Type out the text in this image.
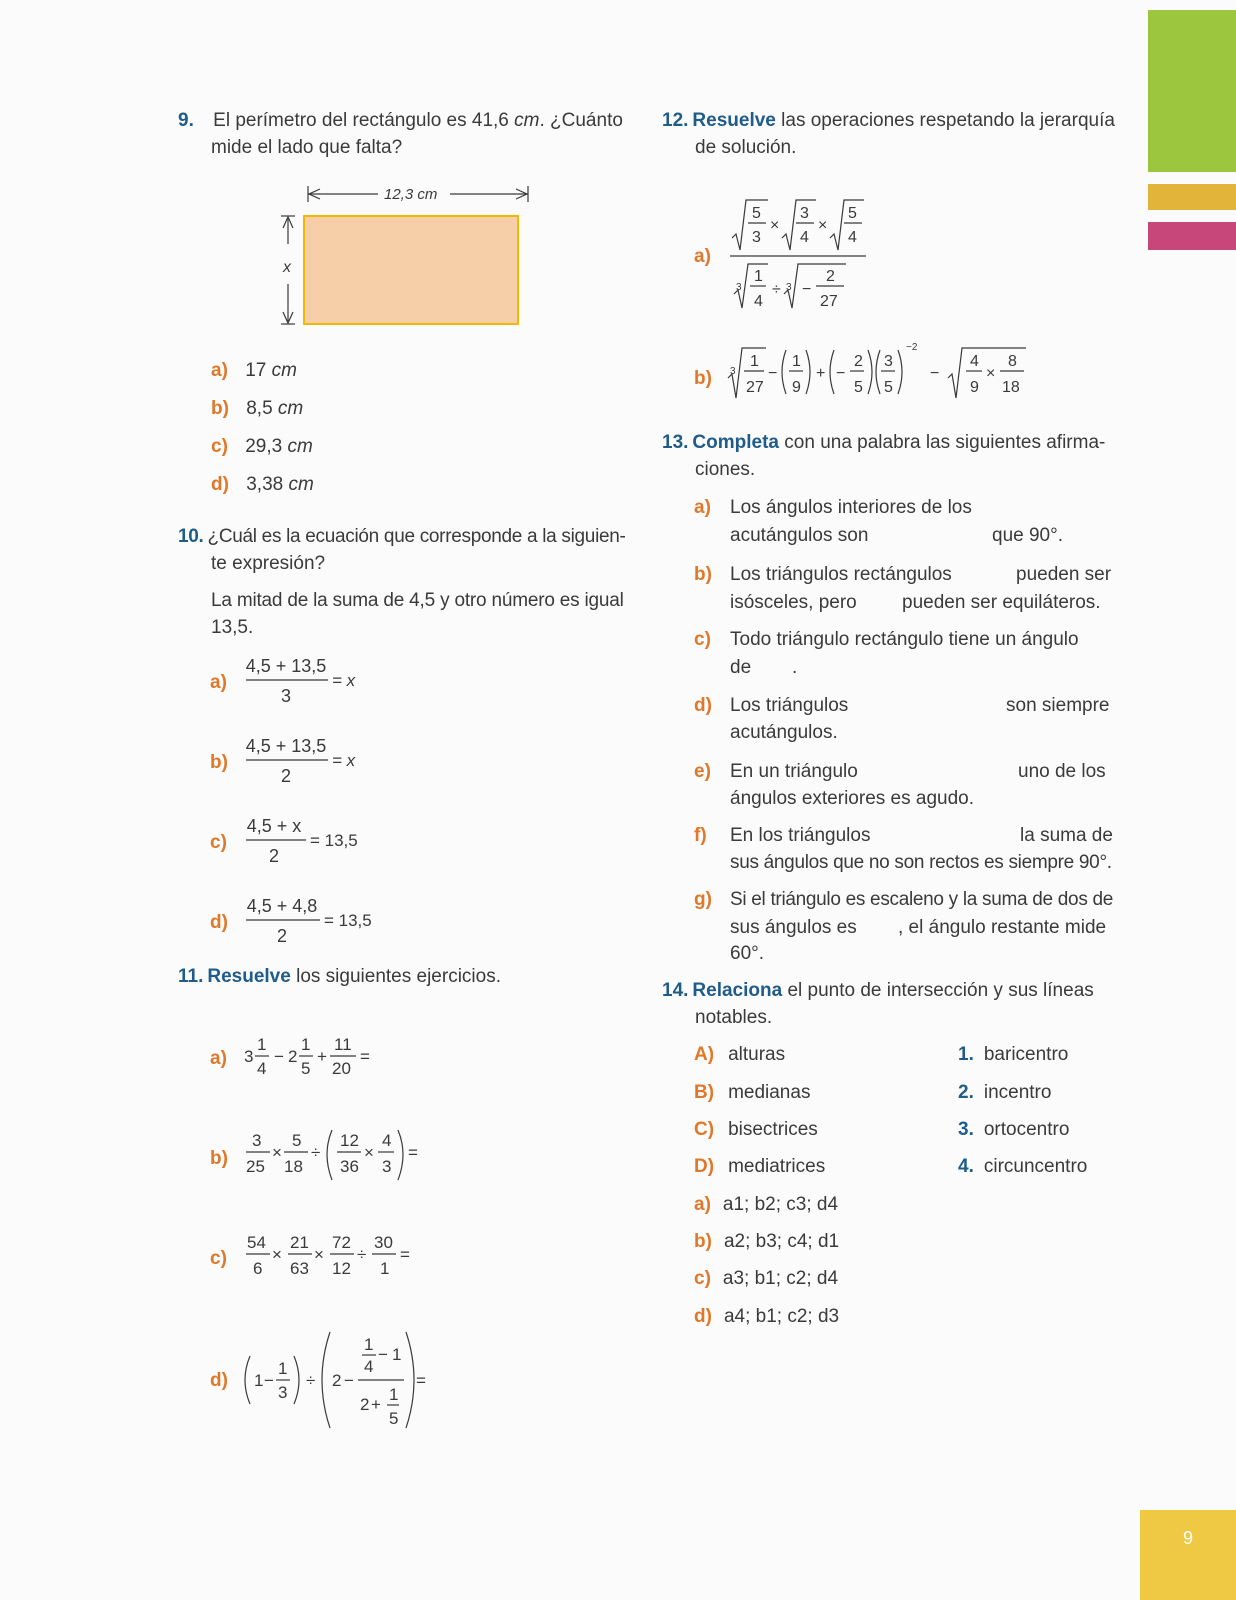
9
9. El perímetro del rectángulo es 41,6 cm. ¿Cuánto
mide el lado que falta?
12,3 cm
x
a) 17 cm
b) 8,5 cm
c) 29,3 cm
d) 3,38 cm
10. ¿Cuál es la ecuación que corresponde a la siguien-
te expresión?
La mitad de la suma de 4,5 y otro número es igual
13,5.
a)
4,5 + 13,5
3
= x
b)
4,5 + 13,5
2
= x
c)
4,5 + x
2
= 13,5
d)
4,5 + 4,8
2
= 13,5
11. Resuelve los siguientes ejercicios.
a) 3
1
4
− 2
1
5
+
11
20
=
b)
3
25
×
5
18
÷
12
36
×
4
3
=
c)
54
6
×
21
63
×
72
12
÷
30
1
=
d) 1 −
1
3
÷ 2 −
1
4
− 1
2 +
1
5
=
12. Resuelve las operaciones respetando la jerarquía
de solución.
a)
5
3
×
3
4
×
5
4
3
1
4
÷ 3 −
2
27
b) 3
1
27
−
1
9
+ −
2
5
3
5
−2
−
4
9
×
8
18
13. Completa con una palabra las siguientes afirma-
ciones.
a) Los ángulos interiores de los
acutángulos son	que 90°.
b) Los triángulos rectángulos	pueden ser
isósceles, pero pueden ser equiláteros.
c) Todo triángulo rectángulo tiene un ángulo
de .
d) Los triángulos	son siempre
acutángulos.
e) En un triángulo	uno de los
ángulos exteriores es agudo.
f) En los triángulos	la suma de
sus ángulos que no son rectos es siempre 90°.
g) Si el triángulo es escaleno y la suma de dos de
sus ángulos es , el ángulo restante mide
60°.
14. Relaciona el punto de intersección y sus líneas
notables.
A) alturas
B) medianas
C) bisectrices
D) mediatrices
1. baricentro
2. incentro
3. ortocentro
4. circuncentro
a) a1; b2; c3; d4
b) a2; b3; c4; d1
c) a3; b1; c2; d4
d) a4; b1; c2; d3
